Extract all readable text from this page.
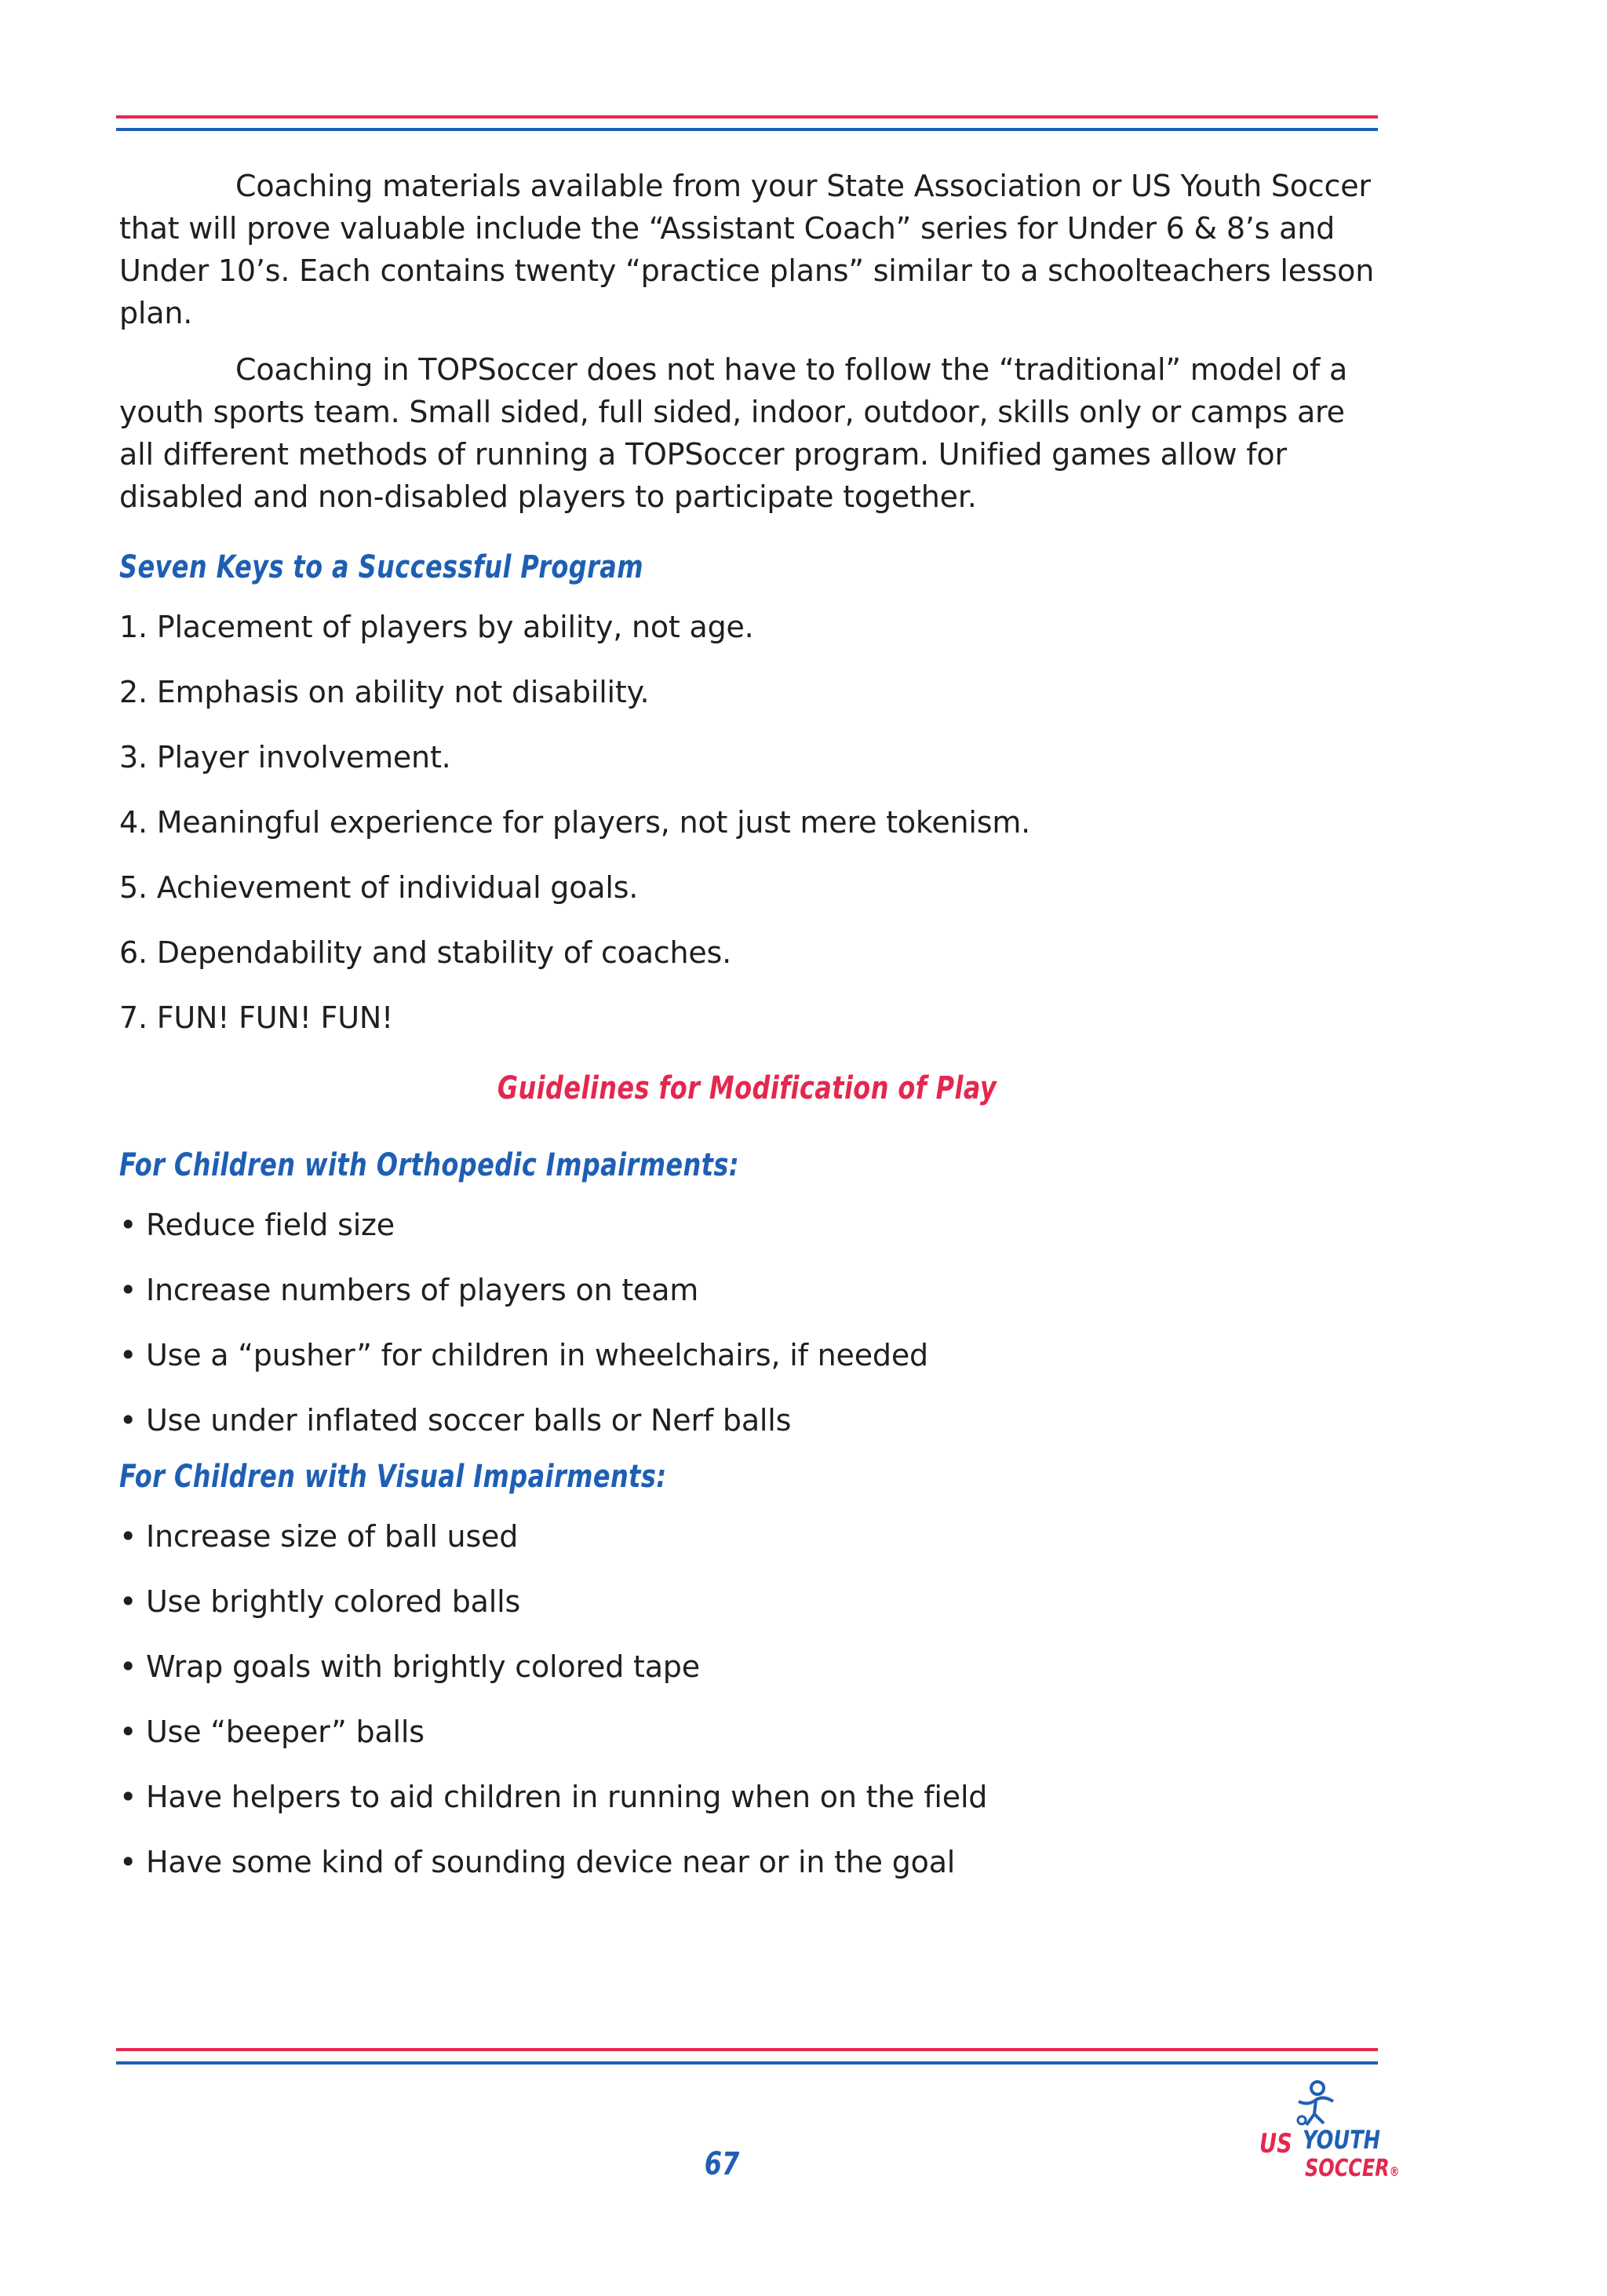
Coaching materials available from your State Association or US Youth Soccer that will prove valuable include the “Assistant Coach” series for Under 6 & 8’s and Under 10’s. Each contains twenty “practice plans” similar to a schoolteachers lesson plan.

Coaching in TOPSoccer does not have to follow the “traditional” model of a youth sports team. Small sided, full sided, indoor, outdoor, skills only or camps are all different methods of running a TOPSoccer program. Unified games allow for disabled and non-disabled players to participate together.

Seven Keys to a Successful Program
1. Placement of players by ability, not age.
2. Emphasis on ability not disability.
3. Player involvement.
4. Meaningful experience for players, not just mere tokenism.
5. Achievement of individual goals.
6. Dependability and stability of coaches.
7. FUN! FUN! FUN!
Guidelines for Modification of Play
For Children with Orthopedic Impairments:
• Reduce field size
• Increase numbers of players on team
• Use a “pusher” for children in wheelchairs, if needed
• Use under inflated soccer balls or Nerf balls
For Children with Visual Impairments:
• Increase size of ball used
• Use brightly colored balls
• Wrap goals with brightly colored tape
• Use “beeper” balls
• Have helpers to aid children in running when on the field
• Have some kind of sounding device near or in the goal
67
US YOUTH
SOCCER®
